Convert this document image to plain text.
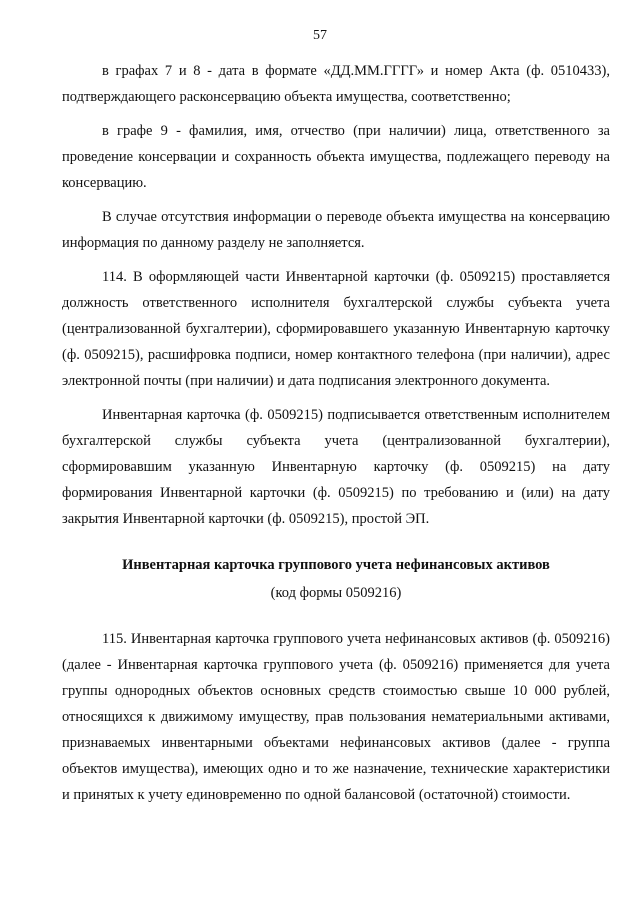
57

в графах 7 и 8 - дата в формате «ДД.ММ.ГГГГ» и номер Акта (ф. 0510433), подтверждающего расконсервацию объекта имущества, соответственно;

в графе 9 - фамилия, имя, отчество (при наличии) лица, ответственного за проведение консервации и сохранность объекта имущества, подлежащего переводу на консервацию.

В случае отсутствия информации о переводе объекта имущества на консервацию информация по данному разделу не заполняется.

114. В оформляющей части Инвентарной карточки (ф. 0509215) проставляется должность ответственного исполнителя бухгалтерской службы субъекта учета (централизованной бухгалтерии), сформировавшего указанную Инвентарную карточку (ф. 0509215), расшифровка подписи, номер контактного телефона (при наличии), адрес электронной почты (при наличии) и дата подписания электронного документа.

Инвентарная карточка (ф. 0509215) подписывается ответственным исполнителем бухгалтерской службы субъекта учета (централизованной бухгалтерии), сформировавшим указанную Инвентарную карточку (ф. 0509215) на дату формирования Инвентарной карточки (ф. 0509215) по требованию и (или) на дату закрытия Инвентарной карточки (ф. 0509215), простой ЭП.

Инвентарная карточка группового учета нефинансовых активов
(код формы 0509216)

115. Инвентарная карточка группового учета нефинансовых активов (ф. 0509216) (далее - Инвентарная карточка группового учета (ф. 0509216) применяется для учета группы однородных объектов основных средств стоимостью свыше 10 000 рублей, относящихся к движимому имуществу, прав пользования нематериальными активами, признаваемых инвентарными объектами нефинансовых активов (далее - группа объектов имущества), имеющих одно и то же назначение, технические характеристики и принятых к учету единовременно по одной балансовой (остаточной) стоимости.
